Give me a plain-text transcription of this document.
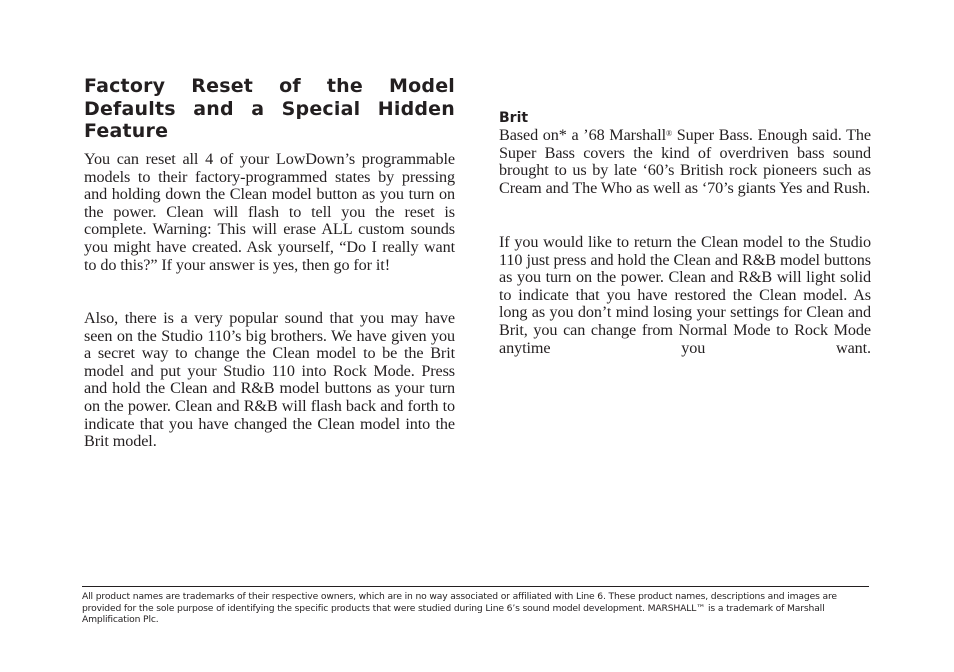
Factory Reset of the Model
Defaults and a Special Hidden Feature

You can reset all 4 of your LowDown’s programmable models to their factory-programmed states by pressing and holding down the Clean model button as you turn on the power. Clean will flash to tell you the reset is complete. Warning: This will erase ALL custom sounds you might have created. Ask yourself, “Do I really want to do this?” If your answer is yes, then go for it!

Also, there is a very popular sound that you may have seen on the Studio 110’s big brothers. We have given you a secret way to change the Clean model to be the Brit model and put your Studio 110 into Rock Mode. Press and hold the Clean and R&B model buttons as your turn on the power. Clean and R&B will flash back and forth to indicate that you have changed the Clean model into the Brit model.

Brit

Based on* a ’68 Marshall® Super Bass. Enough said. The Super Bass covers the kind of overdriven bass sound brought to us by late ‘60’s British rock pioneers such as Cream and The Who as well as ‘70’s giants Yes and Rush.

If you would like to return the Clean model to the Studio 110 just press and hold the Clean and R&B model buttons as you turn on the power. Clean and R&B will light solid to indicate that you have restored the Clean model. As long as you don’t mind losing your settings for Clean and Brit, you can change from Normal Mode to Rock Mode anytime you want.

All product names are trademarks of their respective owners, which are in no way associated or affiliated with Line 6. These product names, descriptions and images are provided for the sole purpose of identifying the specific products that were studied during Line 6’s sound model development. MARSHALL™ is a trademark of Marshall Amplification Plc.
